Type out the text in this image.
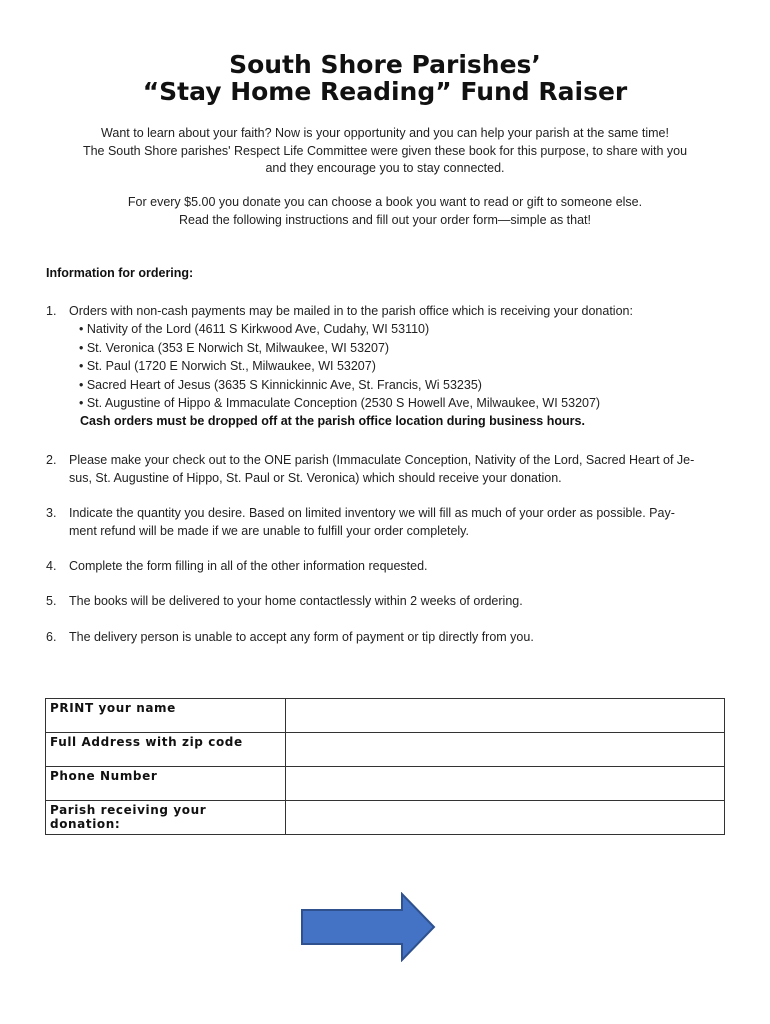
South Shore Parishes’
“Stay Home Reading” Fund Raiser
Want to learn about your faith? Now is your opportunity and you can help your parish at the same time!
The South Shore parishes' Respect Life Committee were given these book for this purpose, to share with you
and they encourage you to stay connected.
For every $5.00 you donate you can choose a book you want to read or gift to someone else.
Read the following instructions and fill out your order form—simple as that!
Information for ordering:
1. Orders with non-cash payments may be mailed in to the parish office which is receiving your donation:
• Nativity of the Lord (4611 S Kirkwood Ave, Cudahy, WI 53110)
• St. Veronica (353 E Norwich St, Milwaukee, WI 53207)
• St. Paul (1720 E Norwich St., Milwaukee, WI 53207)
• Sacred Heart of Jesus (3635 S Kinnickinnic Ave, St. Francis, Wi 53235)
• St. Augustine of Hippo & Immaculate Conception (2530 S Howell Ave, Milwaukee, WI 53207)
Cash orders must be dropped off at the parish office location during business hours.
2. Please make your check out to the ONE parish (Immaculate Conception, Nativity of the Lord, Sacred Heart of Je-
sus, St. Augustine of Hippo, St. Paul or St. Veronica) which should receive your donation.
3. Indicate the quantity you desire. Based on limited inventory we will fill as much of your order as possible. Pay-
ment refund will be made if we are unable to fulfill your order completely.
4. Complete the form filling in all of the other information requested.
5. The books will be delivered to your home contactlessly within 2 weeks of ordering.
6. The delivery person is unable to accept any form of payment or tip directly from you.
PRINT your name	
Full Address with zip code	
Phone Number	
Parish receiving your donation:	
